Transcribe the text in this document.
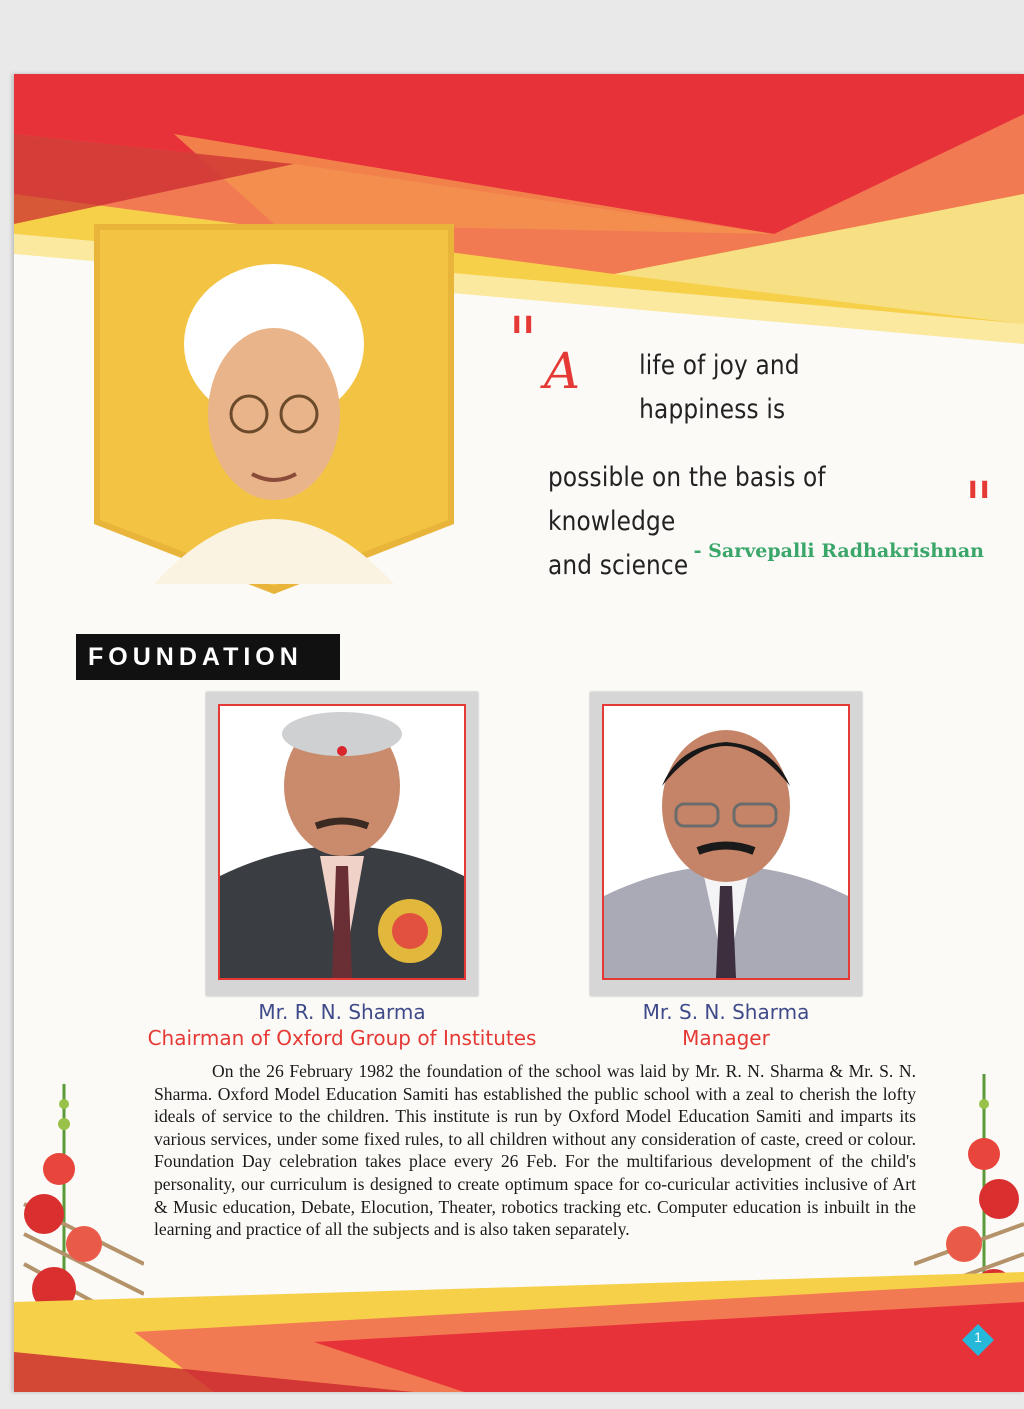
" A	life of joy and happiness is
possible on the basis of knowledge
and science
"
- Sarvepalli Radhakrishnan
FOUNDATION
Mr. R. N. Sharma
Chairman of Oxford Group of Institutes
Mr. S. N. Sharma
Manager
On the 26 February 1982 the foundation of the school was laid by Mr. R. N. Sharma & Mr. S. N. Sharma. Oxford Model Education Samiti has established the public school with a zeal to cherish the lofty ideals of service to the children. This institute is run by Oxford Model Education Samiti and imparts its various services, under some fixed rules, to all children without any consideration of caste, creed or colour. Foundation Day celebration takes place every 26 Feb. For the multifarious development of the child's personality, our curriculum is designed to create optimum space for co-curicular activities inclusive of Art & Music education, Debate, Elocution, Theater, robotics tracking etc. Computer education is inbuilt in the learning and practice of all the subjects and is also taken separately.
1
